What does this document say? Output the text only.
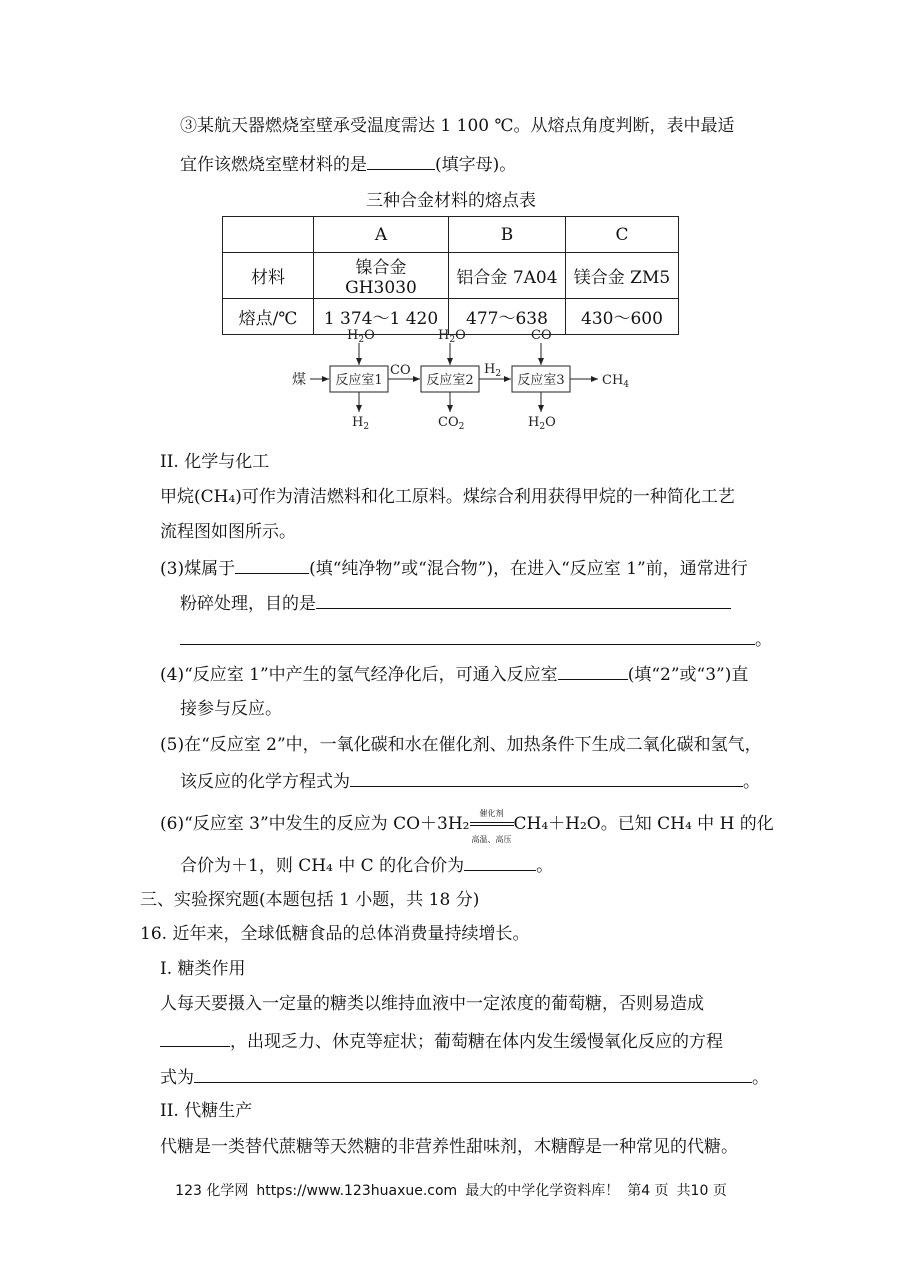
③某航天器燃烧室壁承受温度需达 1 100 ℃。从熔点角度判断，表中最适
宜作该燃烧室壁材料的是	(填字母)。
三种合金材料的熔点表
	A	B	C
材料	镍合金 GH3030	铝合金 7A04	镁合金 ZM5
熔点/℃	1 374～1 420	477～638	430～600
煤 反应室1
CO
反应室2
$H_2$ 反应室3	$CH_4$
$H_2O$	$H_2O$	CO
$H_2$	$CO_2$	$H_2O$
II. 化学与化工
甲烷(CH₄)可作为清洁燃料和化工原料。煤综合利用获得甲烷的一种简化工艺
流程图如图所示。
(3)煤属于	(填“纯净物”或“混合物”)，在进入“反应室 1”前，通常进行
粉碎处理，目的是
。
(4)“反应室 1”中产生的氢气经净化后，可通入反应室	(填“2”或“3”)直
接参与反应。
(5)在“反应室 2”中，一氧化碳和水在催化剂、加热条件下生成二氧化碳和氢气，
该反应的化学方程式为	。
(6)“反应室 3”中发生的反应为 CO＋3H₂
催化剂
高温、高压
CH₄＋H₂O。已知 CH₄ 中 H 的化
合价为＋1，则 CH₄ 中 C 的化合价为	。
三、实验探究题(本题包括 1 小题，共 18 分)
16. 近年来，全球低糖食品的总体消费量持续增长。
I. 糖类作用
人每天要摄入一定量的糖类以维持血液中一定浓度的葡萄糖，否则易造成
，出现乏力、休克等症状；葡萄糖在体内发生缓慢氧化反应的方程
式为	。
II. 代糖生产
代糖是一类替代蔗糖等天然糖的非营养性甜味剂，木糖醇是一种常见的代糖。
123 化学网 https://www.123huaxue.com 最大的中学化学资料库！ 第4 页 共10 页
